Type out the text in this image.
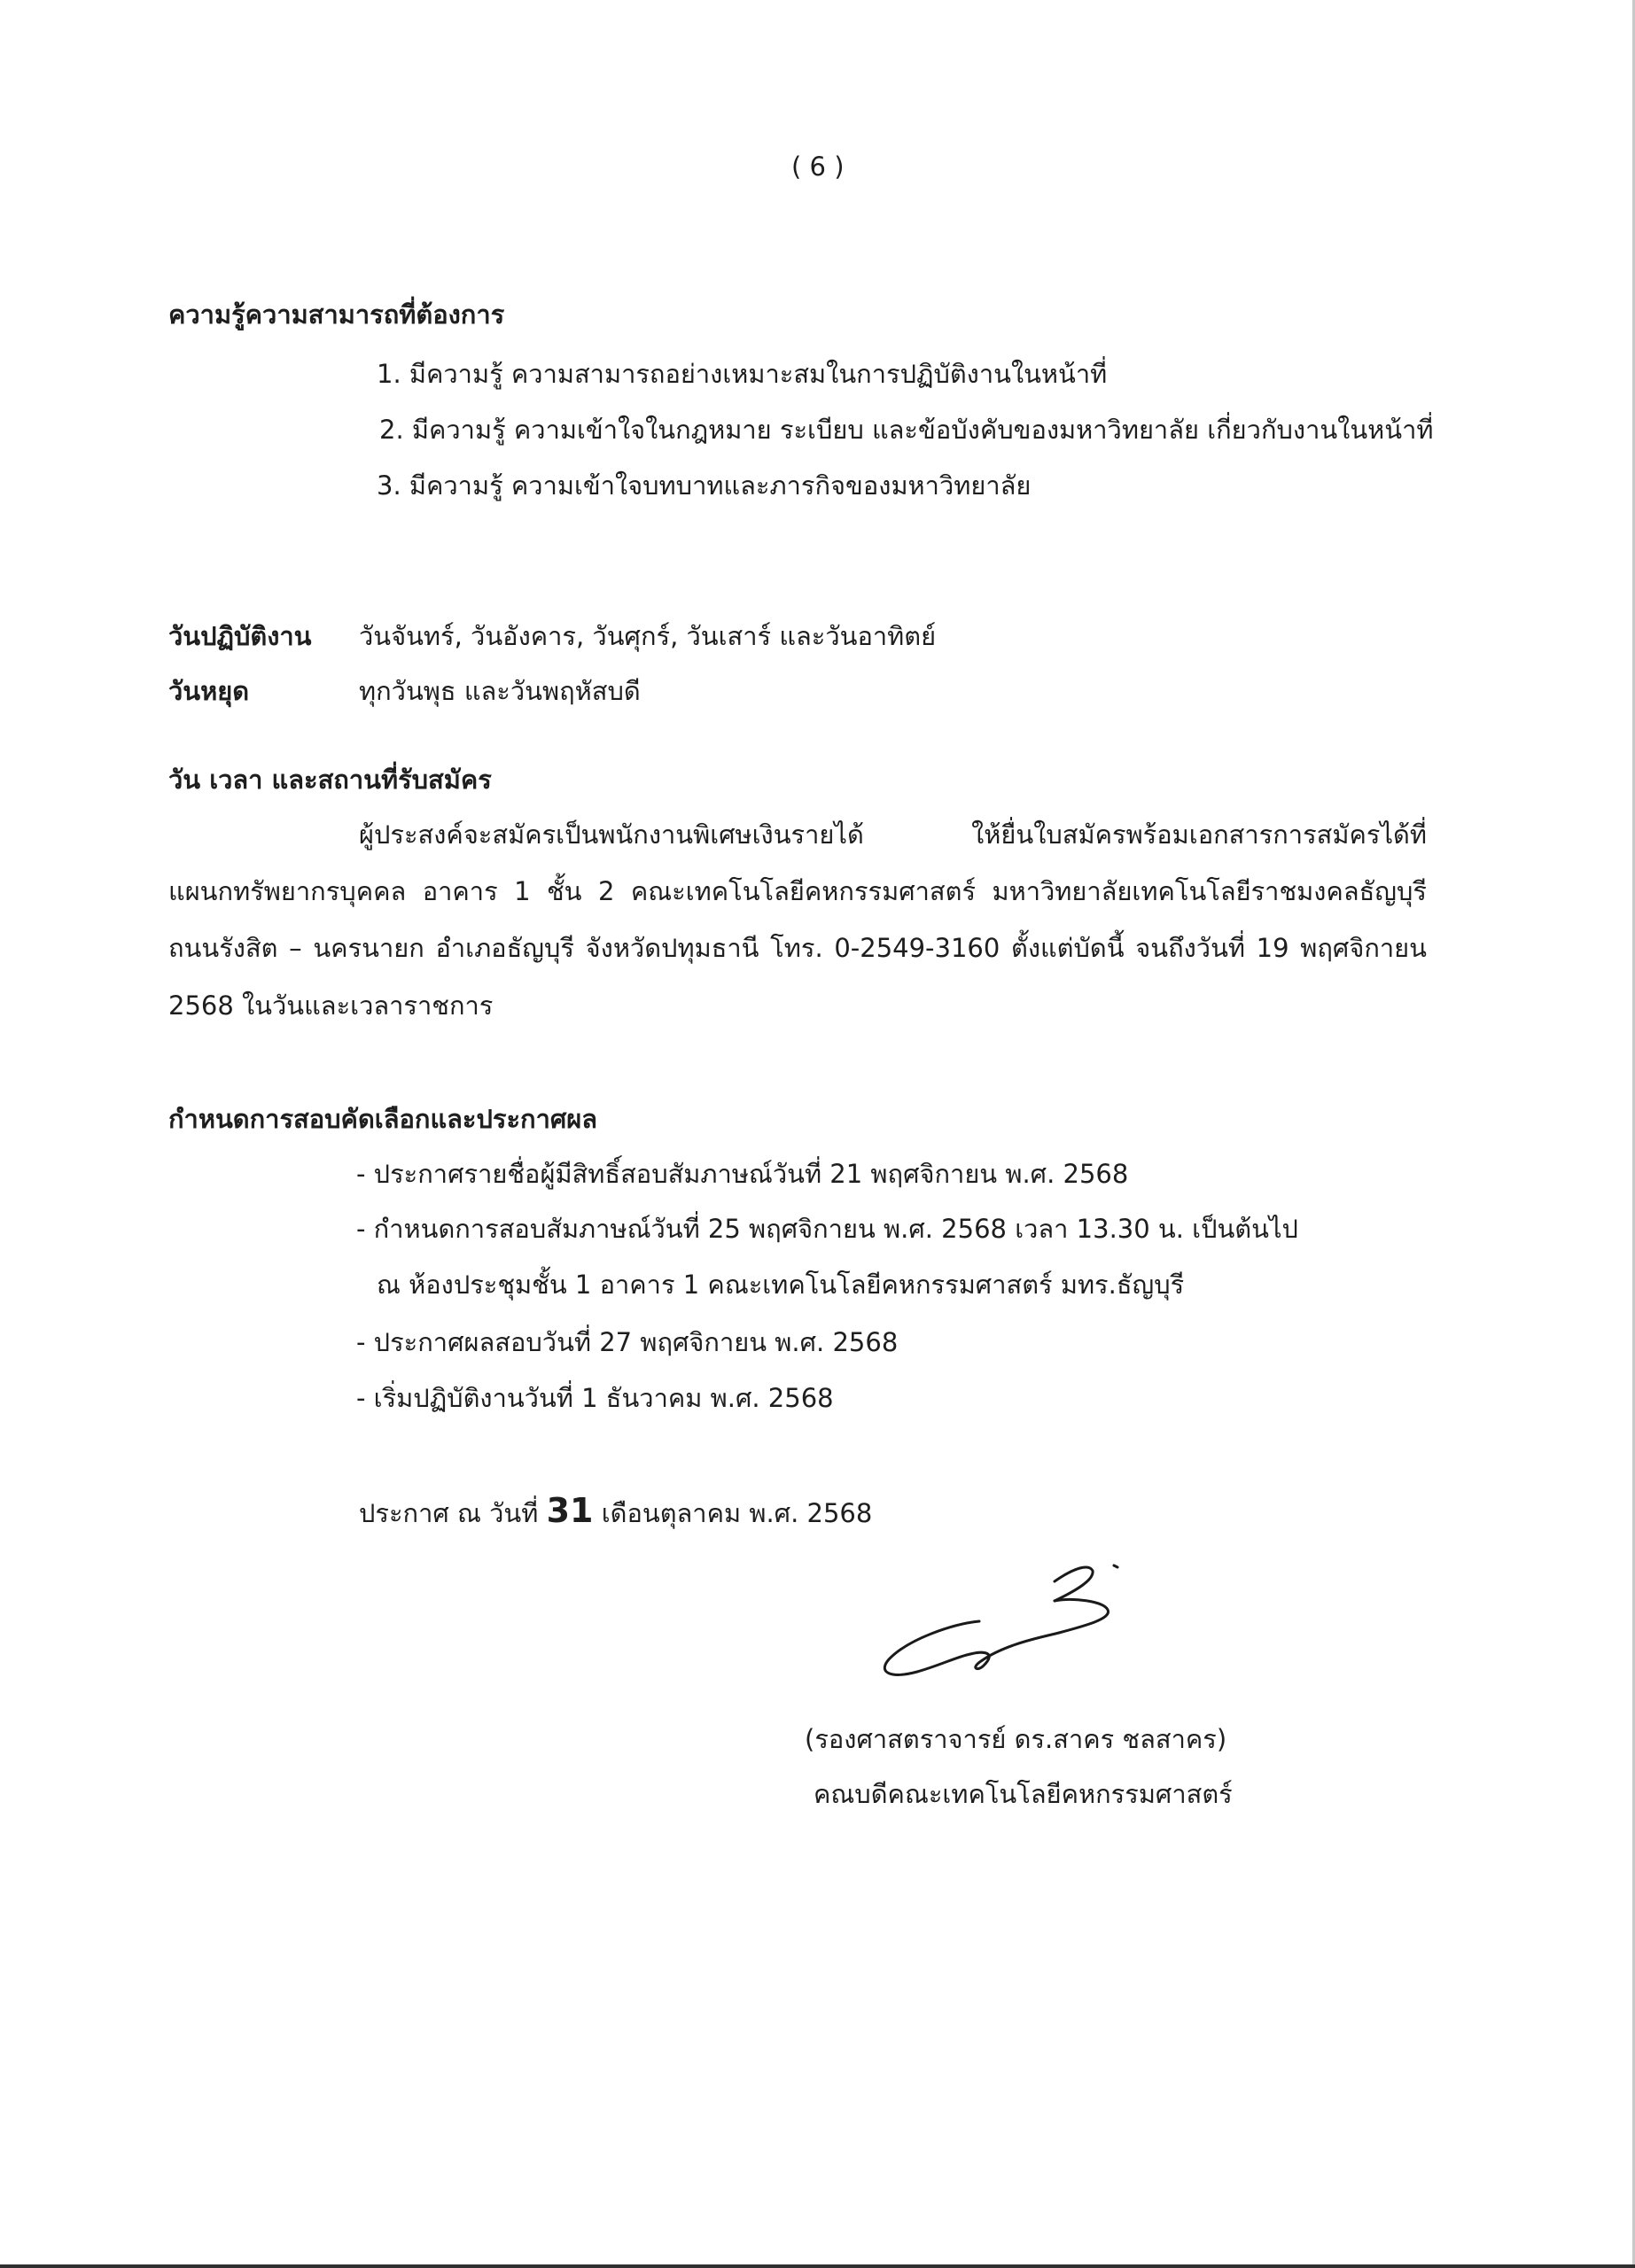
( 6 )
ความรู้ความสามารถที่ต้องการ
1. มีความรู้ ความสามารถอย่างเหมาะสมในการปฏิบัติงานในหน้าที่
2. มีความรู้ ความเข้าใจในกฎหมาย ระเบียบ และข้อบังคับของมหาวิทยาลัย เกี่ยวกับงานในหน้าที่
3. มีความรู้ ความเข้าใจบทบาทและภารกิจของมหาวิทยาลัย
วันปฏิบัติงาน วันจันทร์, วันอังคาร, วันศุกร์, วันเสาร์ และวันอาทิตย์
วันหยุด	ทุกวันพุธ และวันพฤหัสบดี
วัน เวลา และสถานที่รับสมัคร
ผู้ประสงค์จะสมัครเป็นพนักงานพิเศษเงินรายได้ ให้ยื่นใบสมัครพร้อมเอกสารการสมัครได้ที่
แผนกทรัพยากรบุคคล อาคาร 1 ชั้น 2 คณะเทคโนโลยีคหกรรมศาสตร์ มหาวิทยาลัยเทคโนโลยีราชมงคลธัญบุรี
ถนนรังสิต – นครนายก อำเภอธัญบุรี จังหวัดปทุมธานี โทร. 0-2549-3160 ตั้งแต่บัดนี้ จนถึงวันที่ 19 พฤศจิกายน
2568 ในวันและเวลาราชการ
กำหนดการสอบคัดเลือกและประกาศผล
- ประกาศรายชื่อผู้มีสิทธิ์สอบสัมภาษณ์วันที่ 21 พฤศจิกายน พ.ศ. 2568
- กำหนดการสอบสัมภาษณ์วันที่ 25 พฤศจิกายน พ.ศ. 2568 เวลา 13.30 น. เป็นต้นไป
ณ ห้องประชุมชั้น 1 อาคาร 1 คณะเทคโนโลยีคหกรรมศาสตร์ มทร.ธัญบุรี
- ประกาศผลสอบวันที่ 27 พฤศจิกายน พ.ศ. 2568
- เริ่มปฏิบัติงานวันที่ 1 ธันวาคม พ.ศ. 2568
ประกาศ ณ วันที่ 31 เดือนตุลาคม พ.ศ. 2568
(รองศาสตราจารย์ ดร.สาคร ชลสาคร)
คณบดีคณะเทคโนโลยีคหกรรมศาสตร์
